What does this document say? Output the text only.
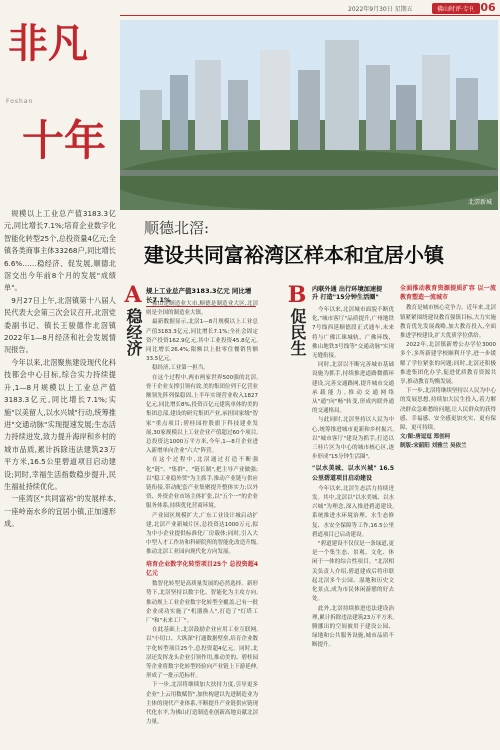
2022年9月30日 星期五	佛山时评·专刊
B06
非凡
Foshan
十年

规模以上工业总产值3183.3亿元,同比增长7.1%;培育企业数字化智能化转型25个,总投资量4亿元;全镇各类商事主体33268户,同比增长6.6%……稳经济、促发展,顺德北滘交出今年前8个月的发展"成绩单"。

9月27日上午,北滘镇第十八届人民代表大会第三次会议召开,北滘党委副书记、镇长王骏德作北滘镇2022年1—8月经济和社会发展情况报告。

今年以来,北滘聚焦建设现代化科技都会中心目标,综合实力持续提升,1—8月规模以上工业总产值3183.3亿元,同比增长7.1%;实施"以美留人,以水兴城"行动,统筹推进"交通动脉"实现提速发展;生态活力持续迸发,致力提升海岸和乡村的城市品质,累计拆除违法建筑23万平方米,16.5公里碧道项目启动建设;同时,幸福生活指数稳步提升,民生福祉持续优化。

一座湾区"共同富裕"的发展样本,一座岭南水乡的宜居小镇,正加速形成。

北滘新城
顺德北滘:
建设共同富裕湾区样本和宜居小镇
A
稳经济
规上工业总产值3183.3亿元 同比增长7.1%

佛山是制造业大市,顺德是制造业大区,北滘则是全国的制造业大镇。

最新数据显示,北滘1—8月规模以上工业总产值3183.3亿元,同比增长7.1%;全社会固定资产投资162.9亿元,其中工业投资45.8亿元,同比增长26.4%;限额以上批零住餐销售额33.5亿元。

稳经济,工业第一担当。

在这个过程中,两市两家世界500强的北滘,骨干企业支撑引领有效,美的集团位列千亿营业额领先阵列保稳固,上半年实现营业收入1827亿元,同比增长8%,投资百亿元建筑单体的美的集团总部,建设的研究集团产业,承担国家级"智家"重点项目;碧桂园控股旗下科技建业发展,30家规模以上工业企业产值超过60个项目,总投资达1000万平方米,今年,1—8月企业进入新增单向企业"六大"阵营。

在这个过程中,北滘通过打造不断强化"链"、"集群"、"链长制",把主导产业做强;以"稳工业稳外贸"为主抓手,推动产业链与供应链衔接,带动配套产业集聚提升整体实力;以外资、外资企业市场主体扩张,以"五个一"的企业服务体系,持续优化营商环境。

产业园区规模扩大,广东工业设计城启动扩建,北滘产业新城片区,总投资达1000万元,拟为中小企业提供标准化厂房载体;同时,引入大中型人才工作坊和科研院所的智能化改造升级,推动北滘工业园向现代化方向发展。

培育企业数字化转型项目25个 总投资超4亿元

数智化转型是高质量发展的必然选择。新形势下,北滘坚持以数字化、智能化为主攻方向,推动规上工业企业数字化转型全覆盖,已有一批企业成功实施了"机器换人",打造了"灯塔工厂"和"未来工厂"。

在此基础上,北滘鼓励企业应用工业互联网,以"小切口、大纵深"打通数据壁垒,培育企业数字化转型项目25个,总投资超4亿元。同时,北滘还发挥龙头企业引领作用,推动美的、碧桂园等企业将数字化转型经验向产业链上下游延伸,形成了一批示范标杆。

下一步,北滘将继续加大扶持力度,引导更多企业"上云用数赋智",加快构建以先进制造业为主体的现代产业体系,不断提升产业链供应链现代化水平,为佛山打造制造业创新高地贡献北滘力量。

B
促民生
内联外通 出行环境加速提升 打造"15分钟生活圈"

今年以来,北滘城市面貌不断优化,"城市客厅"品质提升,广州地铁7号线西延顺德段正式通车,未来将与广佛江珠城轨、广佛环线、佛山地铁3号线等"交通动脉"实现无缝衔接。

同时,北滘以不断完善城市基础设施为抓手,持续推进道路微循环建设,完善交通路网,提升城市交通承载能力,推动交通网络从"通"向"畅"转变,形成内联外通的交通格局。

与此同时,北滘坚持以人民为中心,统筹推进城市更新和乡村振兴,以"城市客厅"建设为抓手,打造以三桂片区为中心的城市核心区,逐步形成"15分钟生活圈"。

"以水美城、以水兴城" 16.5公里碧道项目启动建设

今年以来,北滘生态活力持续迸发。其中,北滘以"以水美城、以水兴城"为理念,深入推进碧道建设,系统推进水环境治理、水生态修复、水安全保障等工作,16.5公里碧道项目已启动建设。

"碧道建设不仅仅是一条绿道,更是一个集生态、景观、文化、休闲于一体的综合性项目。"北滘相关负责人介绍,碧道建成后将串联起北滘多个公园、湿地和历史文化景点,成为市民休闲游憩的好去处。

此外,北滘持续推进违法建设治理,累计拆除违法建筑23万平方米,腾挪出的空间被用于建设公园、绿地和公共服务设施,城市品质不断提升。

全面推动教育资源提质扩容 以一流教育塑造一流城市

教育是城市核心竞争力。近年来,北滘镇紧紧围绕建设教育强镇目标,大力实施教育优先发展战略,加大教育投入,全面推进学校建设,扩大优质学位供给。

2022年,北滘镇新增公办学位3000多个,多所新建学校顺利开学,进一步缓解了学位紧张的问题;同时,北滘还积极推进集团化办学,促进优质教育资源共享,推动教育均衡发展。

下一步,北滘将继续坚持以人民为中心的发展思想,持续加大民生投入,着力解决群众急难愁盼问题,让人民群众的获得感、幸福感、安全感更加充实、更有保障、更可持续。

文/图:唐逗逗 郑创柯

制版:宋韶阳 刘雅兰 吴依兰
